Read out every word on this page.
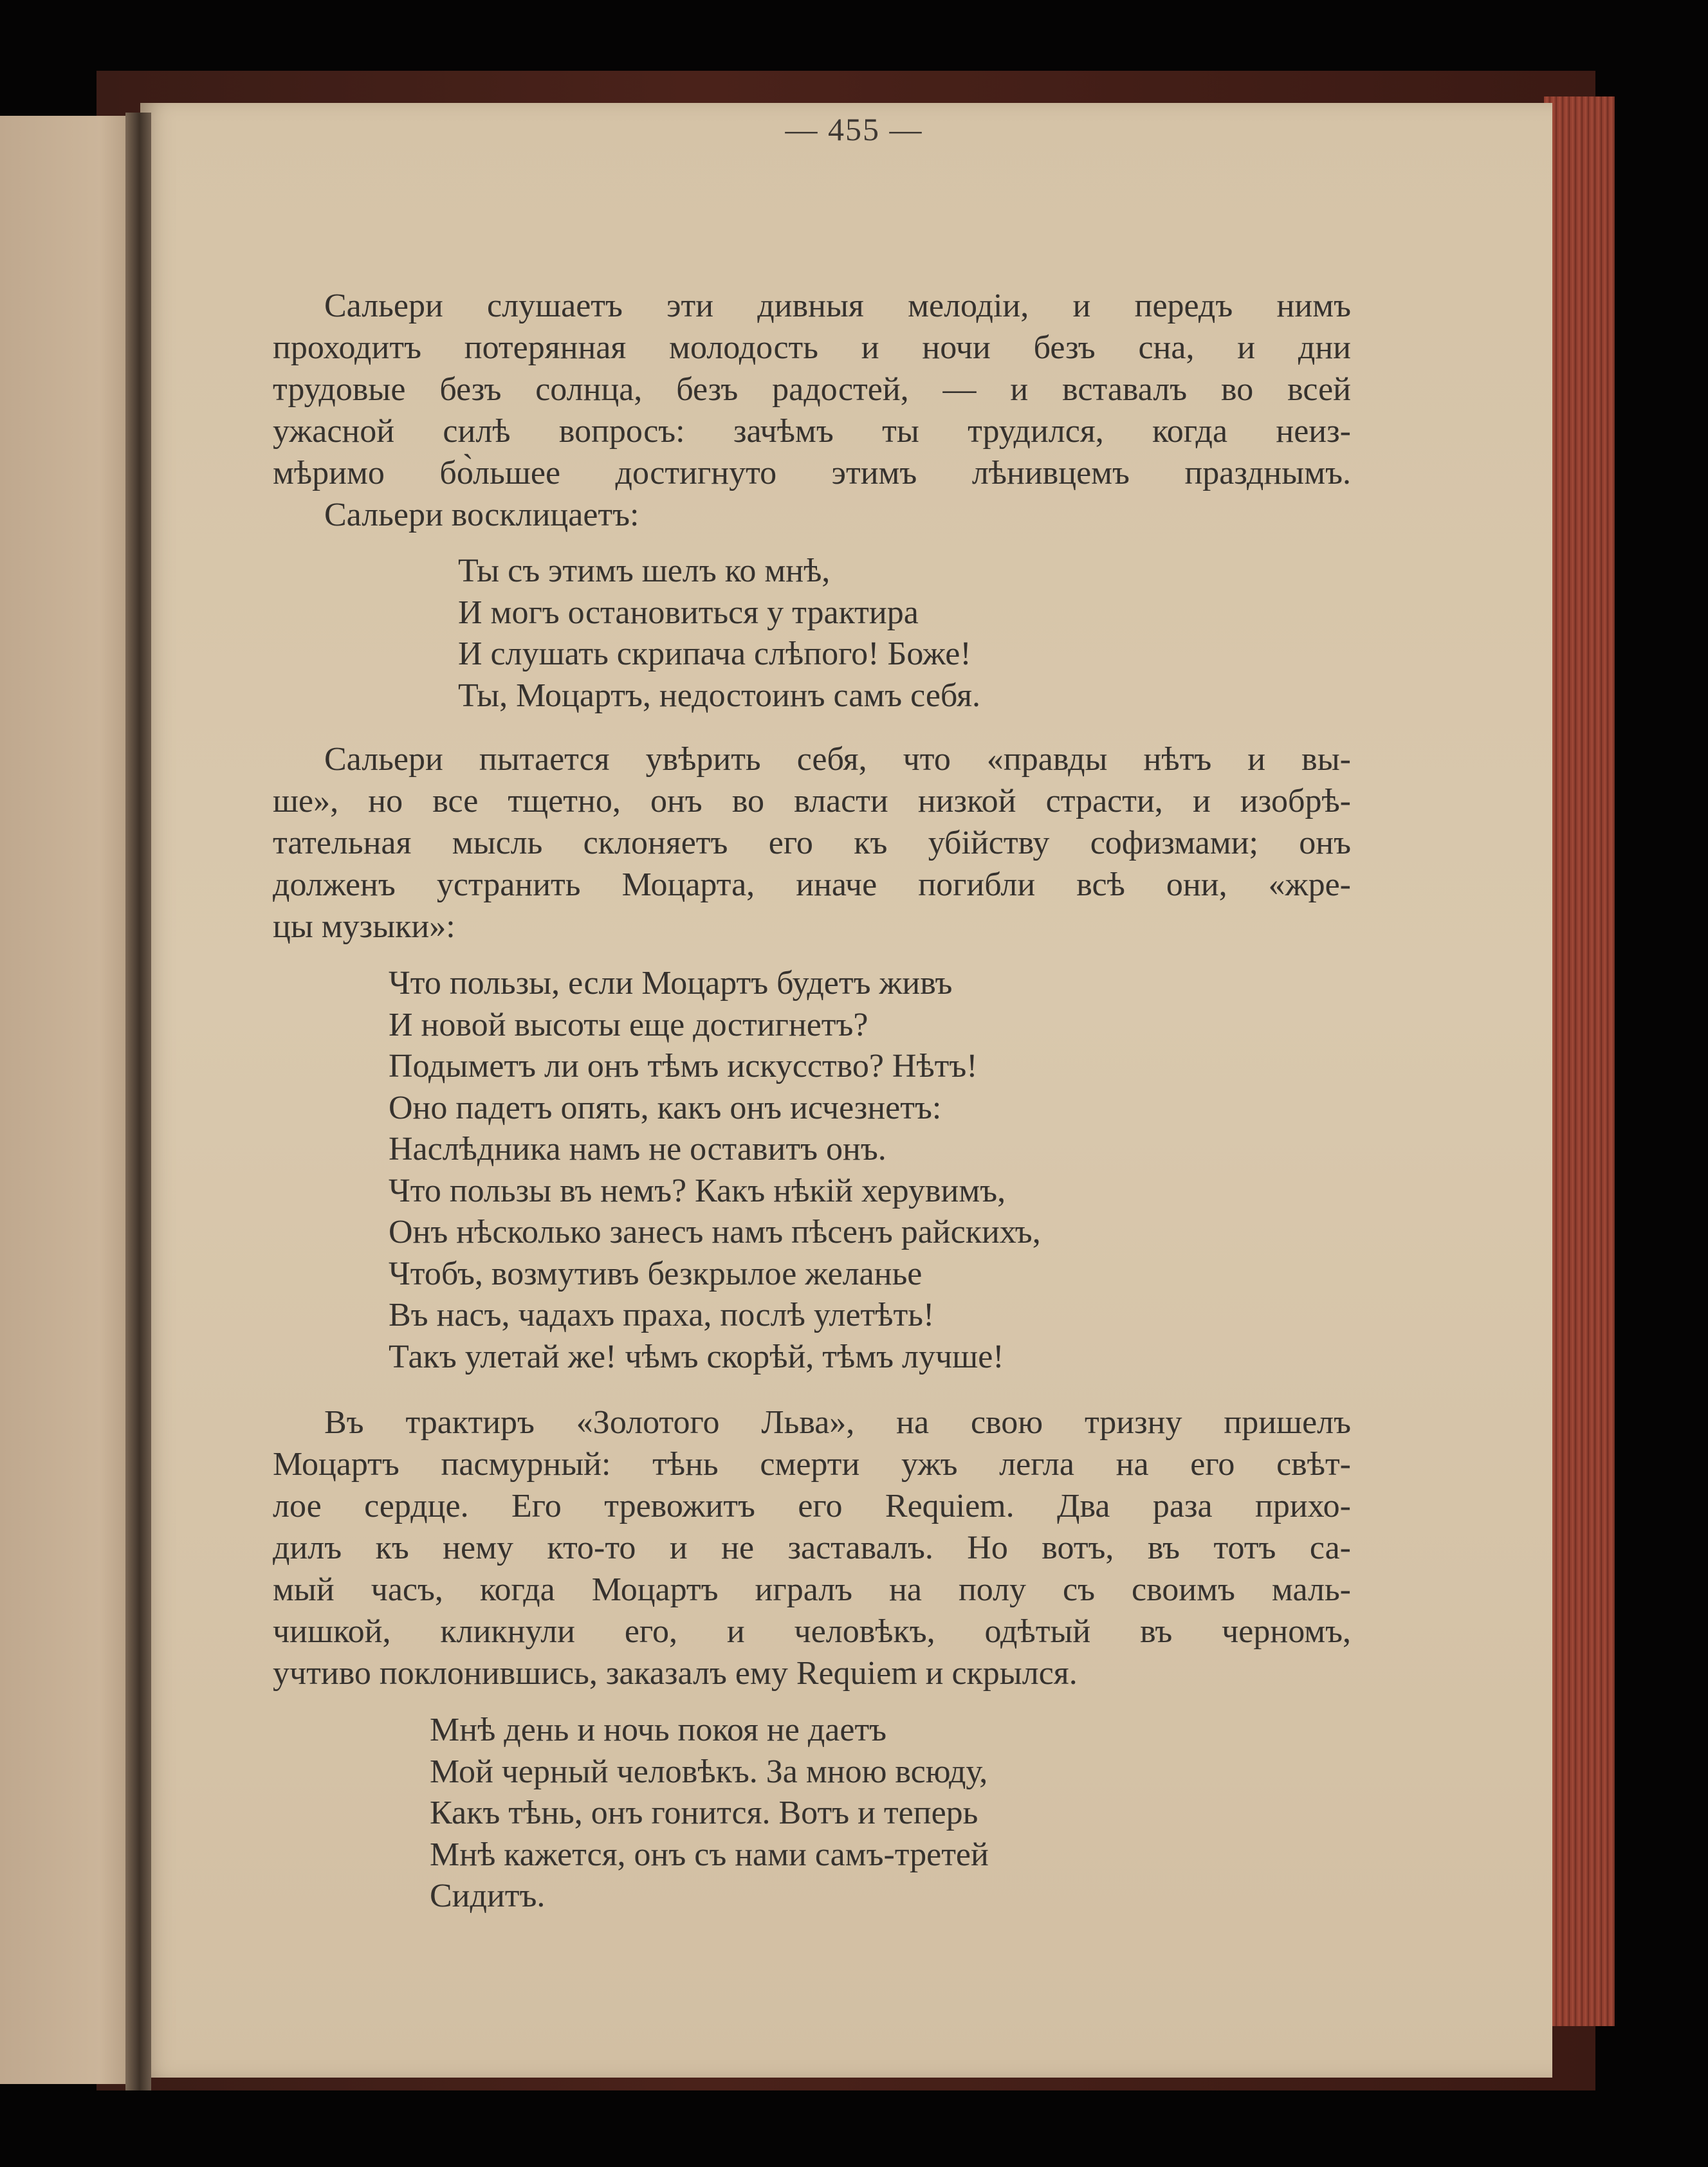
— 455 —
Сальери слушаетъ эти дивныя мелодіи, и передъ нимъ
проходитъ потерянная молодость и ночи безъ сна, и дни
трудовые безъ солнца, безъ радостей, — и вставалъ во всей
ужасной силѣ вопросъ: зачѣмъ ты трудился, когда неиз-
мѣримо бо̀льшее достигнуто этимъ лѣнивцемъ празднымъ.
Сальери восклицаетъ:
Ты съ этимъ шелъ ко мнѣ,
И могъ остановиться у трактира
И слушать скрипача слѣпого! Боже!
Ты, Моцартъ, недостоинъ самъ себя.
Сальери пытается увѣрить себя, что «правды нѣтъ и вы-
ше», но все тщетно, онъ во власти низкой страсти, и изобрѣ-
тательная мысль склоняетъ его къ убійству софизмами; онъ
долженъ устранить Моцарта, иначе погибли всѣ они, «жре-
цы музыки»:
Что пользы, если Моцартъ будетъ живъ
И новой высоты еще достигнетъ?
Подыметъ ли онъ тѣмъ искусство? Нѣтъ!
Оно падетъ опять, какъ онъ исчезнетъ:
Наслѣдника намъ не оставитъ онъ.
Что пользы въ немъ? Какъ нѣкій херувимъ,
Онъ нѣсколько занесъ намъ пѣсенъ райскихъ,
Чтобъ, возмутивъ безкрылое желанье
Въ насъ, чадахъ праха, послѣ улетѣть!
Такъ улетай же! чѣмъ скорѣй, тѣмъ лучше!
Въ трактиръ «Золотого Льва», на свою тризну пришелъ
Моцартъ пасмурный: тѣнь смерти ужъ легла на его свѣт-
лое сердце. Его тревожитъ его Requiem. Два раза прихо-
дилъ къ нему кто-то и не заставалъ. Но вотъ, въ тотъ са-
мый часъ, когда Моцартъ игралъ на полу съ своимъ маль-
чишкой, кликнули его, и человѣкъ, одѣтый въ черномъ,
учтиво поклонившись, заказалъ ему Requiem и скрылся.
Мнѣ день и ночь покоя не даетъ
Мой черный человѣкъ. За мною всюду,
Какъ тѣнь, онъ гонится. Вотъ и теперь
Мнѣ кажется, онъ съ нами самъ-третей
Сидитъ.
